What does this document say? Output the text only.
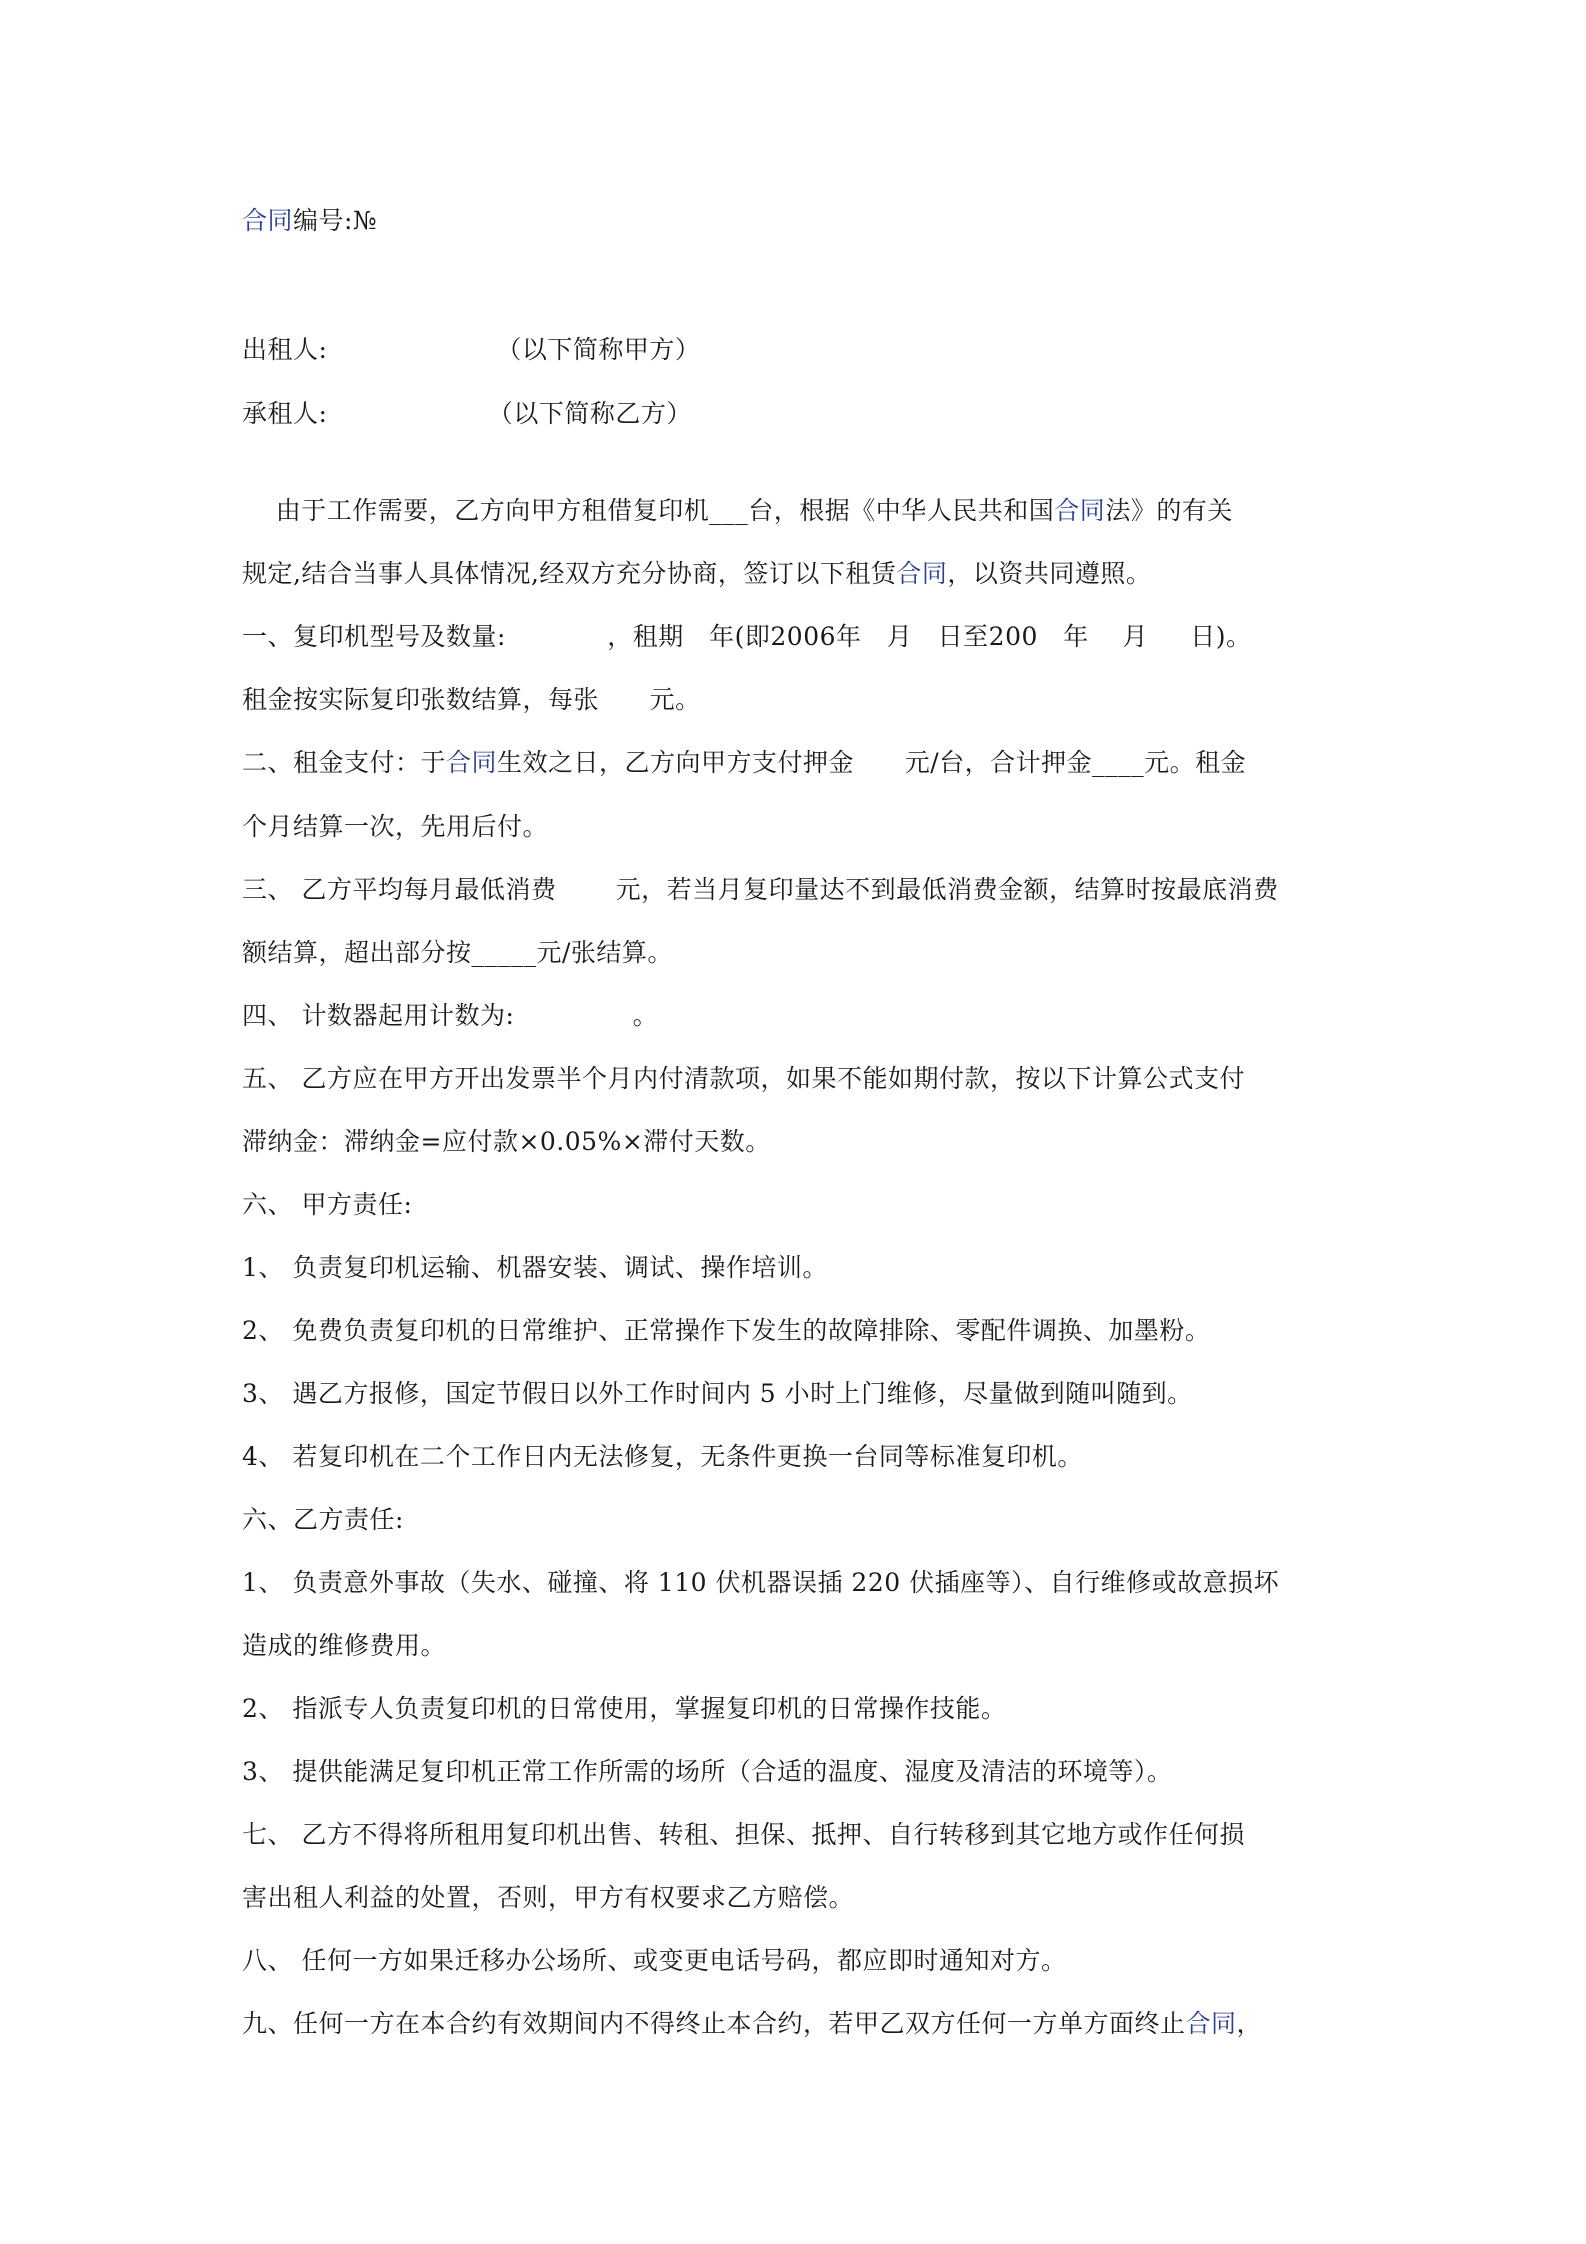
合同编号:№
出租人:                    （以下简称甲方）
承租人:                   （以下简称乙方）
由于工作需要，乙方向甲方租借复印机___台，根据《中华人民共和国合同法》的有关
规定,结合当事人具体情况,经双方充分协商，签订以下租赁合同，以资共同遵照。
一、复印机型号及数量:            ，租期   年(即2006年   月   日至200   年    月     日)。
租金按实际复印张数结算，每张      元。
二、租金支付：于合同生效之日，乙方向甲方支付押金      元/台，合计押金____元。租金
个月结算一次，先用后付。
三、 乙方平均每月最低消费       元，若当月复印量达不到最低消费金额，结算时按最底消费
额结算，超出部分按_____元/张结算。
四、 计数器起用计数为:              。
五、 乙方应在甲方开出发票半个月内付清款项，如果不能如期付款，按以下计算公式支付
滞纳金：滞纳金=应付款×0.05%×滞付天数。
六、 甲方责任:
1、 负责复印机运输、机器安装、调试、操作培训。
2、 免费负责复印机的日常维护、正常操作下发生的故障排除、零配件调换、加墨粉。
3、 遇乙方报修，国定节假日以外工作时间内 5 小时上门维修，尽量做到随叫随到。
4、 若复印机在二个工作日内无法修复，无条件更换一台同等标准复印机。
六、乙方责任:
1、 负责意外事故（失水、碰撞、将 110 伏机器误插 220 伏插座等）、自行维修或故意损坏
造成的维修费用。
2、 指派专人负责复印机的日常使用，掌握复印机的日常操作技能。
3、 提供能满足复印机正常工作所需的场所（合适的温度、湿度及清洁的环境等）。
七、 乙方不得将所租用复印机出售、转租、担保、抵押、自行转移到其它地方或作任何损
害出租人利益的处置，否则，甲方有权要求乙方赔偿。
八、 任何一方如果迁移办公场所、或变更电话号码，都应即时通知对方。
九、任何一方在本合约有效期间内不得终止本合约，若甲乙双方任何一方单方面终止合同，
